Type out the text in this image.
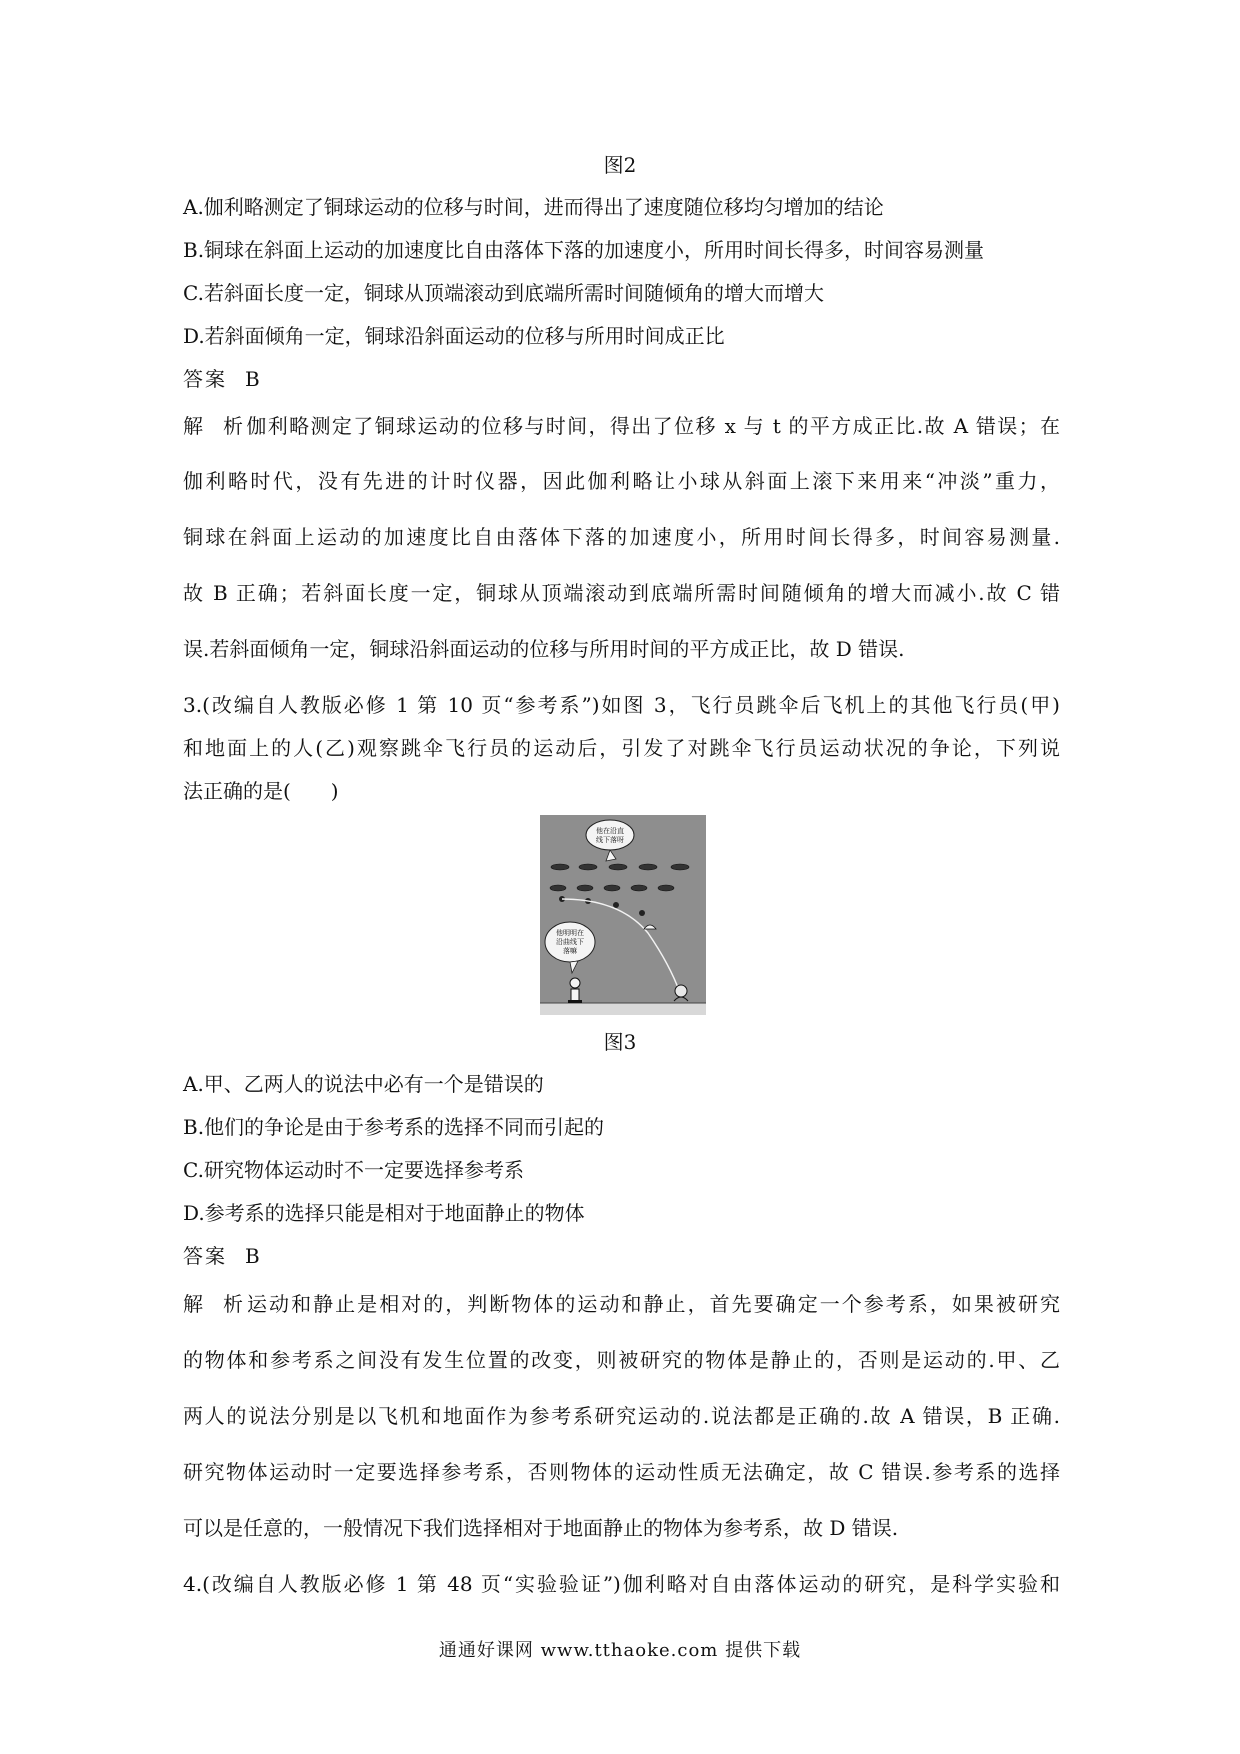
图2
A.伽利略测定了铜球运动的位移与时间，进而得出了速度随位移均匀增加的结论
B.铜球在斜面上运动的加速度比自由落体下落的加速度小，所用时间长得多，时间容易测量
C.若斜面长度一定，铜球从顶端滚动到底端所需时间随倾角的增大而增大
D.若斜面倾角一定，铜球沿斜面运动的位移与所用时间成正比
答案 B
解析伽利略测定了铜球运动的位移与时间，得出了位移 x 与 t 的平方成正比.故 A 错误；在
伽利略时代，没有先进的计时仪器，因此伽利略让小球从斜面上滚下来用来“冲淡”重力，
铜球在斜面上运动的加速度比自由落体下落的加速度小，所用时间长得多，时间容易测量.
故 B 正确；若斜面长度一定，铜球从顶端滚动到底端所需时间随倾角的增大而减小.故 C 错
误.若斜面倾角一定，铜球沿斜面运动的位移与所用时间的平方成正比，故 D 错误.
3.(改编自人教版必修 1 第 10 页“参考系”)如图 3，飞行员跳伞后飞机上的其他飞行员(甲)
和地面上的人(乙)观察跳伞飞行员的运动后，引发了对跳伞飞行员运动状况的争论，下列说
法正确的是(　　)
他在沿直
线下落呀
他明明在
沿曲线下
落嘛
图3
A.甲、乙两人的说法中必有一个是错误的
B.他们的争论是由于参考系的选择不同而引起的
C.研究物体运动时不一定要选择参考系
D.参考系的选择只能是相对于地面静止的物体
答案 B
解析运动和静止是相对的，判断物体的运动和静止，首先要确定一个参考系，如果被研究
的物体和参考系之间没有发生位置的改变，则被研究的物体是静止的，否则是运动的.甲、乙
两人的说法分别是以飞机和地面作为参考系研究运动的.说法都是正确的.故 A 错误，B 正确.
研究物体运动时一定要选择参考系，否则物体的运动性质无法确定，故 C 错误.参考系的选择
可以是任意的，一般情况下我们选择相对于地面静止的物体为参考系，故 D 错误.
4.(改编自人教版必修 1 第 48 页“实验验证”)伽利略对自由落体运动的研究，是科学实验和
通通好课网 www.tthaoke.com 提供下载
